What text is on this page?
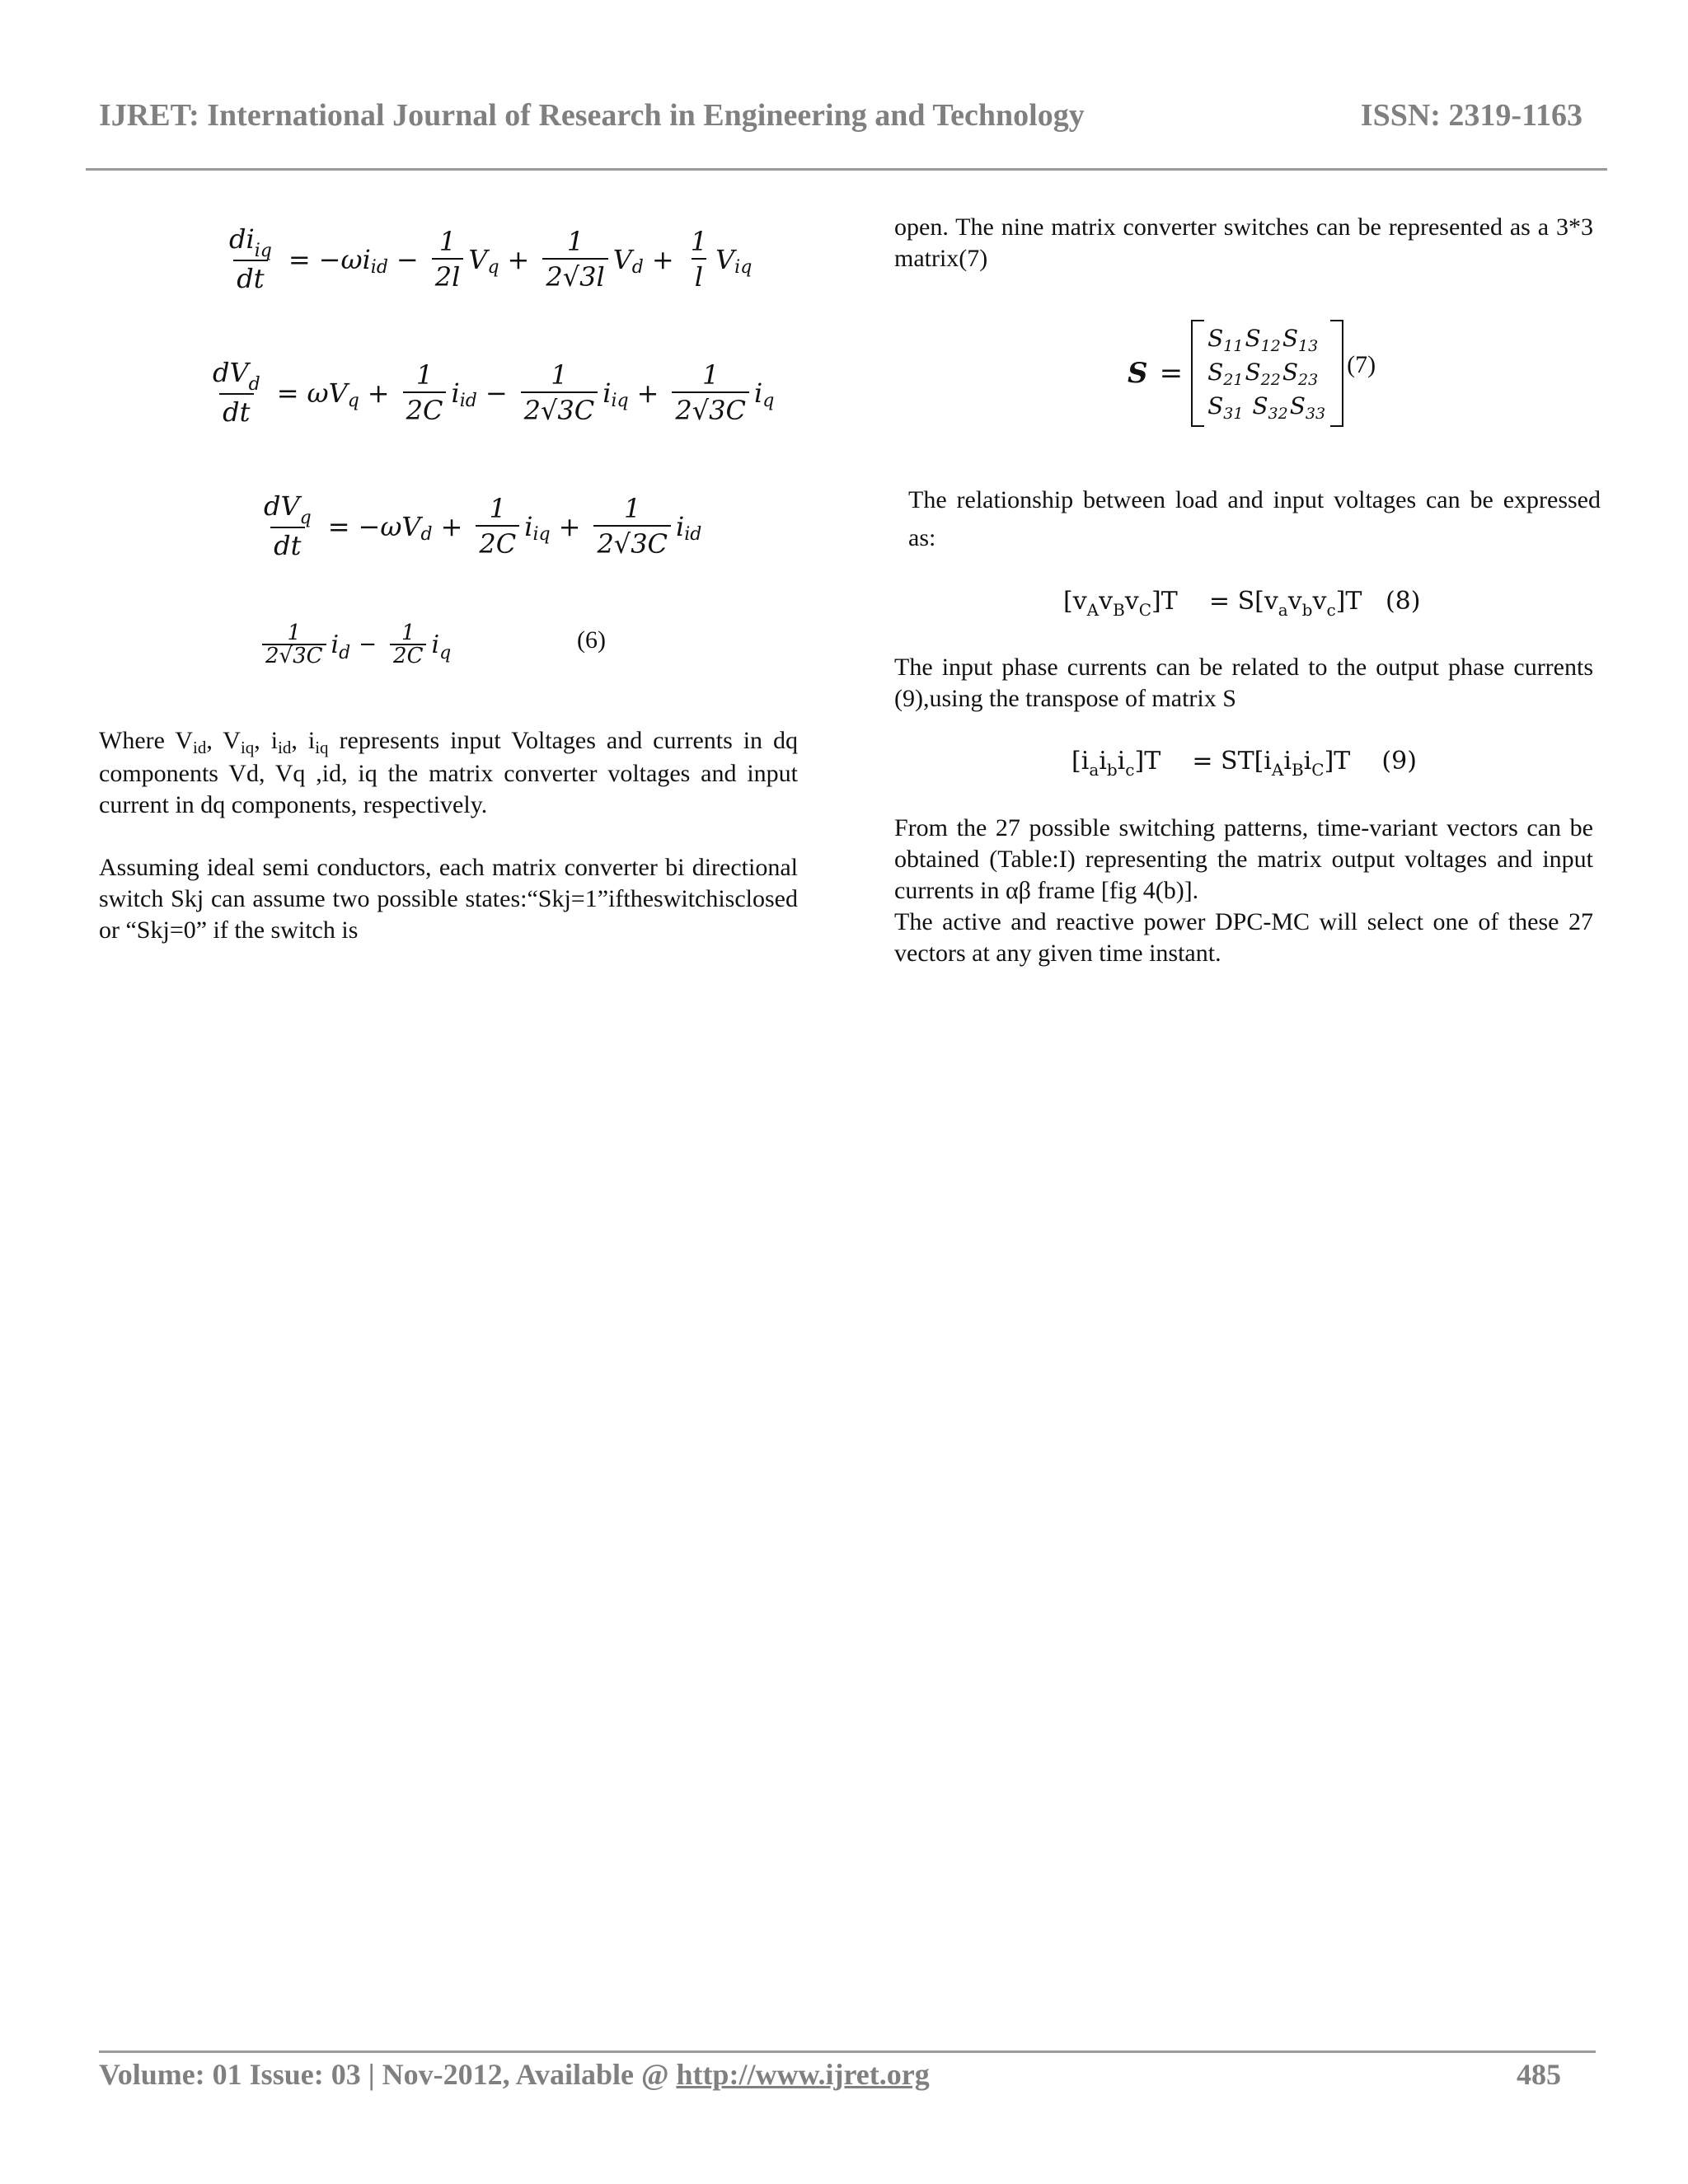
IJRET: International Journal of Research in Engineering and Technology	ISSN: 2319-1163
$\frac{di_{iq}}{dt} = -\omega i$ id − $\frac{1}{2l}$ V $q + \frac{1}{2√3l}$ V $d + \frac{1}{l}$ V iq
$\frac{dV_d}{dt} = \omega V$ $q + \frac{1}{2C}$ i id − $\frac{1}{2√3C}$ i iq + $\frac{1}{2√3C}$ i q
$\frac{dV_q}{dt} = -\omega V$ $d + \frac{1}{2C}$ i iq + $\frac{1}{2√3C}$ i id
$\frac{1}{2√3C}$ i $d - \frac{1}{2C}$ i q	(6)

Where $V_{id}$, $V_{iq}$, $i_{id}$, $i_{iq}$ represents input Voltages and currents in dq components Vd, Vq ,id, iq the matrix converter voltages and input current in dq components, respectively.

Assuming ideal semi conductors, each matrix converter bi directional switch Skj can assume two possible states:“Skj=1”iftheswitchisclosed or “Skj=0” if the switch is

open. The nine matrix converter switches can be represented as a 3*3 matrix(7)
S =
$S_{11}S_{12}S_{13}$
$S_{21}S_{22}S_{23}$
$S_{31}$ $S_{32}S_{33}$
(7)
The relationship between load and input voltages can be expressed as:
$[v_Av_Bv_C]T$    = $S[v_av_bv_c]T$   (8)
The input phase currents can be related to the output phase currents (9),using the transpose of matrix S
$[i_ai_bi_c]T$    = $ST[i_Ai_Bi_C]T$    (9)

From the 27 possible switching patterns, time-variant vectors can be obtained (Table:I) representing the matrix output voltages and input currents in αβ frame [fig 4(b)].

The active and reactive power DPC-MC will select one of these 27 vectors at any given time instant.

Volume: 01 Issue: 03 | Nov-2012, Available @ http://www.ijret.org	485
